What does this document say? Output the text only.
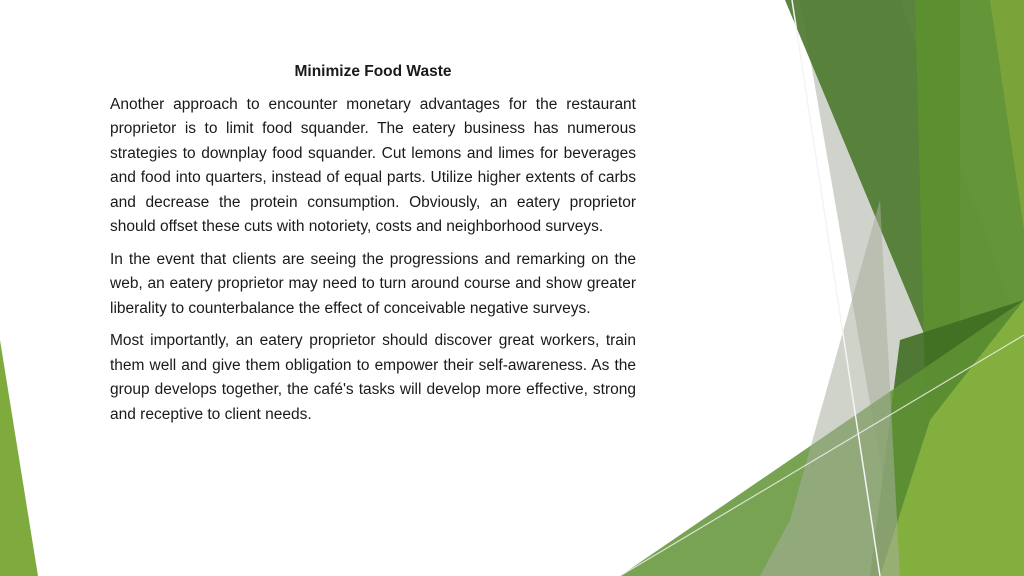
Minimize Food Waste

Another approach to encounter monetary advantages for the restaurant proprietor is to limit food squander. The eatery business has numerous strategies to downplay food squander. Cut lemons and limes for beverages and food into quarters, instead of equal parts. Utilize higher extents of carbs and decrease the protein consumption. Obviously, an eatery proprietor should offset these cuts with notoriety, costs and neighborhood surveys.

In the event that clients are seeing the progressions and remarking on the web, an eatery proprietor may need to turn around course and show greater liberality to counterbalance the effect of conceivable negative surveys.

Most importantly, an eatery proprietor should discover great workers, train them well and give them obligation to empower their self-awareness. As the group develops together, the café's tasks will develop more effective, strong and receptive to client needs.
